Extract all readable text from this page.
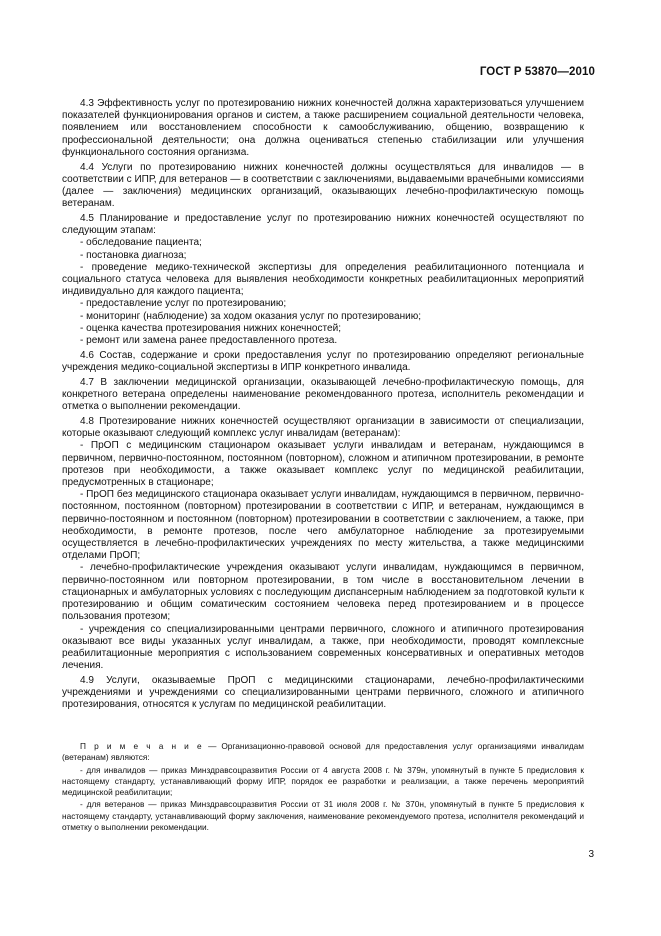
ГОСТ Р 53870—2010

4.3 Эффективность услуг по протезированию нижних конечностей должна характеризоваться улучшением показателей функционирования органов и систем, а также расширением социальной деятельности человека, появлением или восстановлением способности к самообслуживанию, общению, возвращению к профессиональной деятельности; она должна оцениваться степенью стабилизации или улучшения функционального состояния организма.

4.4 Услуги по протезированию нижних конечностей должны осуществляться для инвалидов — в соответствии с ИПР, для ветеранов — в соответствии с заключениями, выдаваемыми врачебными комиссиями (далее — заключения) медицинских организаций, оказывающих лечебно-профилактическую помощь ветеранам.

4.5 Планирование и предоставление услуг по протезированию нижних конечностей осуществляют по следующим этапам:

- обследование пациента;

- постановка диагноза;

- проведение медико-технической экспертизы для определения реабилитационного потенциала и социального статуса человека для выявления необходимости конкретных реабилитационных мероприятий индивидуально для каждого пациента;

- предоставление услуг по протезированию;

- мониторинг (наблюдение) за ходом оказания услуг по протезированию;

- оценка качества протезирования нижних конечностей;

- ремонт или замена ранее предоставленного протеза.

4.6 Состав, содержание и сроки предоставления услуг по протезированию определяют региональные учреждения медико-социальной экспертизы в ИПР конкретного инвалида.

4.7 В заключении медицинской организации, оказывающей лечебно-профилактическую помощь, для конкретного ветерана определены наименование рекомендованного протеза, исполнитель рекомендации и отметка о выполнении рекомендации.

4.8 Протезирование нижних конечностей осуществляют организации в зависимости от специализации, которые оказывают следующий комплекс услуг инвалидам (ветеранам):

- ПрОП с медицинским стационаром оказывает услуги инвалидам и ветеранам, нуждающимся в первичном, первично-постоянном, постоянном (повторном), сложном и атипичном протезировании, в ремонте протезов при необходимости, а также оказывает комплекс услуг по медицинской реабилитации, предусмотренных в стационаре;

- ПрОП без медицинского стационара оказывает услуги инвалидам, нуждающимся в первичном, первично-постоянном, постоянном (повторном) протезировании в соответствии с ИПР, и ветеранам, нуждающимся в первично-постоянном и постоянном (повторном) протезировании в соответствии с заключением, а также, при необходимости, в ремонте протезов, после чего амбулаторное наблюдение за протезируемыми осуществляется в лечебно-профилактических учреждениях по месту жительства, а также медицинскими отделами ПрОП;

- лечебно-профилактические учреждения оказывают услуги инвалидам, нуждающимся в первичном, первично-постоянном или повторном протезировании, в том числе в восстановительном лечении в стационарных и амбулаторных условиях с последующим диспансерным наблюдением за подготовкой культи к протезированию и общим соматическим состоянием человека перед протезированием и в процессе пользования протезом;

- учреждения со специализированными центрами первичного, сложного и атипичного протезирования оказывают все виды указанных услуг инвалидам, а также, при необходимости, проводят комплексные реабилитационные мероприятия с использованием современных консервативных и оперативных методов лечения.

4.9 Услуги, оказываемые ПрОП с медицинскими стационарами, лечебно-профилактическими учреждениями и учреждениями со специализированными центрами первичного, сложного и атипичного протезирования, относятся к услугам по медицинской реабилитации.

П р и м е ч а н и е — Организационно-правовой основой для предоставления услуг организациями инвалидам (ветеранам) являются:

- для инвалидов — приказ Минздравсоцразвития России от 4 августа 2008 г. № 379н, упомянутый в пункте 5 предисловия к настоящему стандарту, устанавливающий форму ИПР, порядок ее разработки и реализации, а также перечень мероприятий медицинской реабилитации;

- для ветеранов — приказ Минздравсоцразвития России от 31 июля 2008 г. № 370н, упомянутый в пункте 5 предисловия к настоящему стандарту, устанавливающий форму заключения, наименование рекомендуемого протеза, исполнителя рекомендаций и отметку о выполнении рекомендации.

3
